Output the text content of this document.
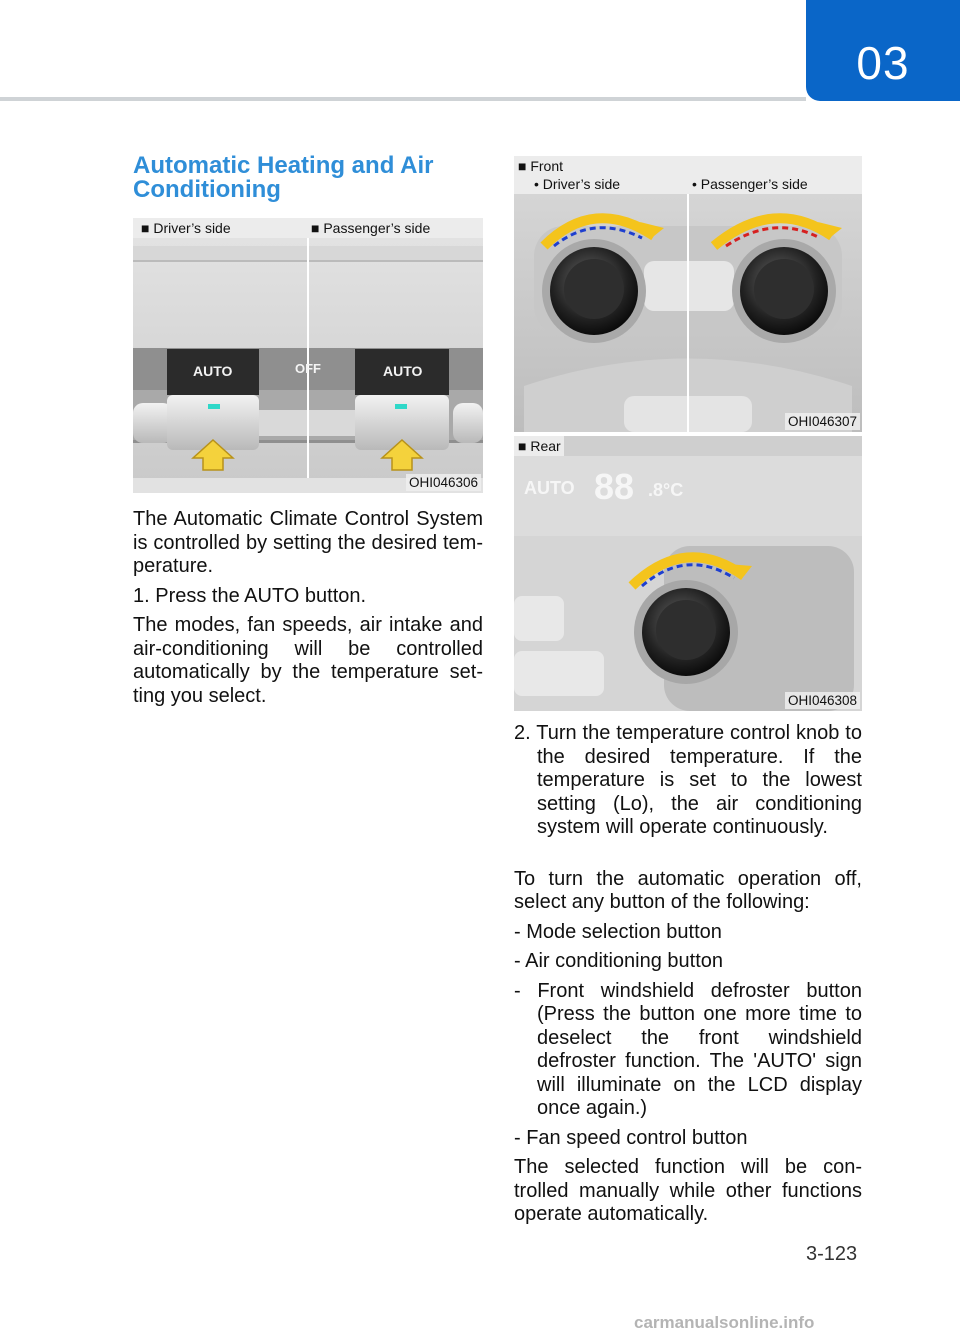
03
Automatic Heating and Air Conditioning
■ Driver’s side	■ Passenger’s side
AUTO	OFF	AUTO
OHI046306

The Automatic Climate Control System is controlled by setting the desired tem-perature.

1. Press the AUTO button.

The modes, fan speeds, air intake and air-conditioning will be controlled automatically by the temperature set-ting you select.

■ Front
• Driver’s side	• Passenger’s side
OHI046307
■ Rear
AUTO 88 .8°C
OHI046308

2. Turn the temperature control knob to the desired temperature. If the temperature is set to the lowest setting (Lo), the air conditioning system will operate continuously.

To turn the automatic operation off, select any button of the following:

- Mode selection button

- Air conditioning button

- Front windshield defroster button (Press the button one more time to deselect the front windshield defroster function. The 'AUTO' sign will illuminate on the LCD display once again.)

- Fan speed control button

The selected function will be con-trolled manually while other functions operate automatically.

3-123
carmanualsonline.info
